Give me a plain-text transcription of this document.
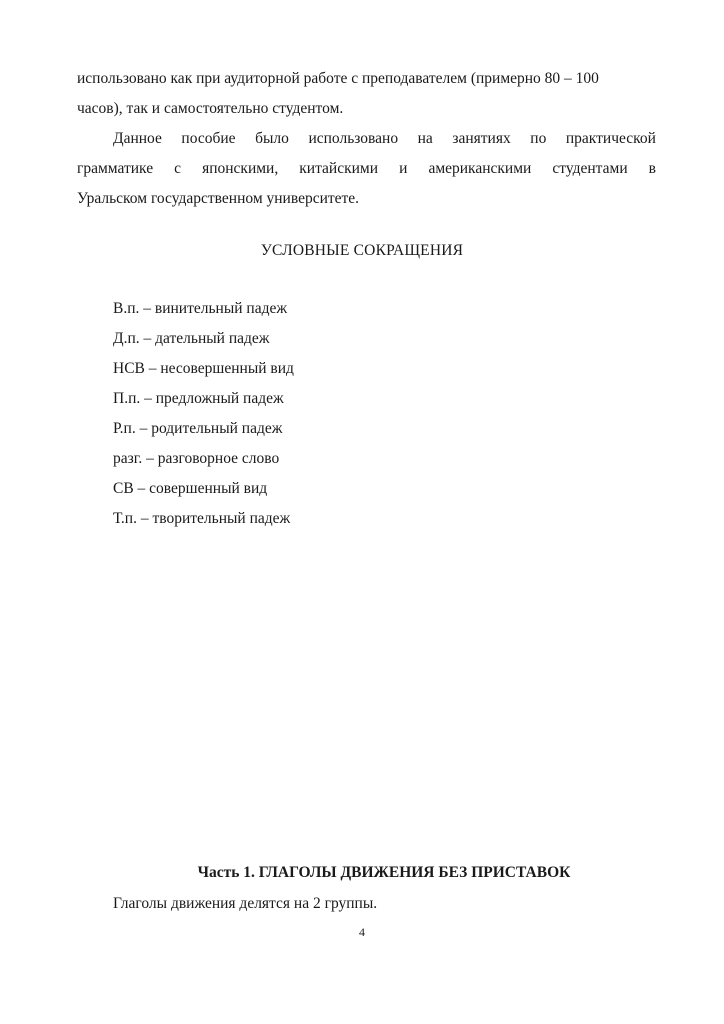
использовано как при аудиторной работе с преподавателем (примерно 80 – 100
часов), так и самостоятельно студентом.
Данное пособие было использовано на занятиях по практической
грамматике с японскими, китайскими и американскими студентами в
Уральском государственном университете.
УСЛОВНЫЕ СОКРАЩЕНИЯ
В.п. – винительный падеж
Д.п. – дательный падеж
НСВ – несовершенный вид
П.п. – предложный падеж
Р.п. – родительный падеж
разг. – разговорное слово
СВ – совершенный вид
Т.п. – творительный падеж
Часть 1. ГЛАГОЛЫ ДВИЖЕНИЯ БЕЗ ПРИСТАВОК

Глаголы движения делятся на 2 группы.

4
